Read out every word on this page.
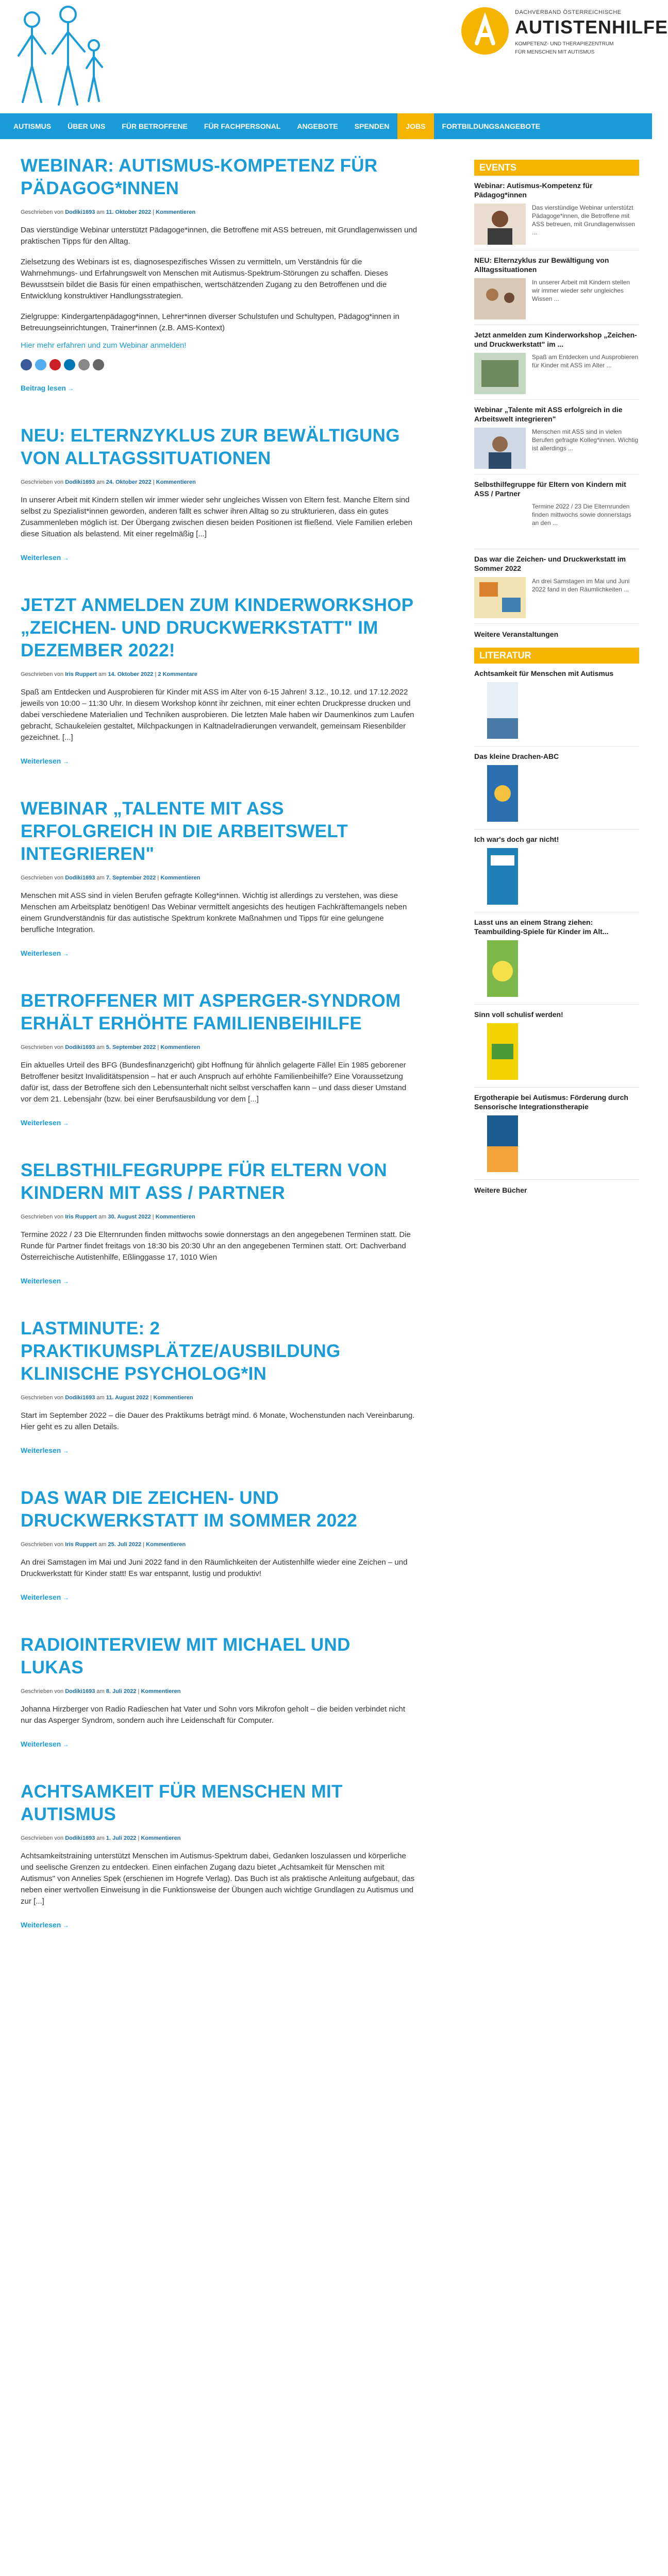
DACHVERBAND ÖSTERREICHISCHE
AUTISTENHILFE
KOMPETENZ- UND THERAPIEZENTRUM
FÜR MENSCHEN MIT AUTISMUS
AUTISMUS	ÜBER UNS	FÜR BETROFFENE	FÜR FACHPERSONAL	ANGEBOTE	SPENDEN	JOBS	FORTBILDUNGSANGEBOTE
WEBINAR: AUTISMUS-KOMPETENZ FÜR PÄDAGOG*INNEN
Geschrieben von Dodiki1693 am 11. Oktober 2022 | Kommentieren

Das vierstündige Webinar unterstützt Pädagoge*innen, die Betroffene mit ASS betreuen, mit Grundlagenwissen und praktischen Tipps für den Alltag.

Zielsetzung des Webinars ist es, diagnosespezifisches Wissen zu vermitteln, um Verständnis für die Wahrnehmungs- und Erfahrungswelt von Menschen mit Autismus-Spektrum-Störungen zu schaffen. Dieses Bewusstsein bildet die Basis für einen empathischen, wertschätzenden Zugang zu den Betroffenen und die Entwicklung konstruktiver Handlungsstrategien.

Zielgruppe: Kindergartenpädagog*innen, Lehrer*innen diverser Schulstufen und Schultypen, Pädagog*innen in Betreuungseinrichtungen, Trainer*innen (z.B. AMS-Kontext)

Hier mehr erfahren und zum Webinar anmelden!
Beitrag lesen →
NEU: ELTERNZYKLUS ZUR BEWÄLTIGUNG VON ALLTAGSSITUATIONEN
Geschrieben von Dodiki1693 am 24. Oktober 2022 | Kommentieren

In unserer Arbeit mit Kindern stellen wir immer wieder sehr ungleiches Wissen von Eltern fest. Manche Eltern sind selbst zu Spezialist*innen geworden, anderen fällt es schwer ihren Alltag so zu strukturieren, dass ein gutes Zusammenleben möglich ist. Der Übergang zwischen diesen beiden Positionen ist fließend. Viele Familien erleben diese Situation als belastend. Mit einer regelmäßig [...]

Weiterlesen →
JETZT ANMELDEN ZUM KINDERWORKSHOP „ZEICHEN- UND DRUCKWERKSTATT" IM DEZEMBER 2022!
Geschrieben von Iris Ruppert am 14. Oktober 2022 | 2 Kommentare

Spaß am Entdecken und Ausprobieren für Kinder mit ASS im Alter von 6-15 Jahren! 3.12., 10.12. und 17.12.2022 jeweils von 10:00 – 11:30 Uhr. In diesem Workshop könnt ihr zeichnen, mit einer echten Druckpresse drucken und dabei verschiedene Materialien und Techniken ausprobieren. Die letzten Male haben wir Daumenkinos zum Laufen gebracht, Schaukeleien gestaltet, Milchpackungen in Kaltnadelradierungen verwandelt, gemeinsam Riesenbilder gezeichnet. [...]

Weiterlesen →
WEBINAR „TALENTE MIT ASS ERFOLGREICH IN DIE ARBEITSWELT INTEGRIEREN"
Geschrieben von Dodiki1693 am 7. September 2022 | Kommentieren

Menschen mit ASS sind in vielen Berufen gefragte Kolleg*innen. Wichtig ist allerdings zu verstehen, was diese Menschen am Arbeitsplatz benötigen! Das Webinar vermittelt angesichts des heutigen Fachkräftemangels neben einem Grundverständnis für das autistische Spektrum konkrete Maßnahmen und Tipps für eine gelungene berufliche Integration.

Weiterlesen →
BETROFFENER MIT ASPERGER-SYNDROM ERHÄLT ERHÖHTE FAMILIENBEIHILFE
Geschrieben von Dodiki1693 am 5. September 2022 | Kommentieren

Ein aktuelles Urteil des BFG (Bundesfinanzgericht) gibt Hoffnung für ähnlich gelagerte Fälle! Ein 1985 geborener Betroffener besitzt Invaliditätspension – hat er auch Anspruch auf erhöhte Familienbeihilfe? Eine Voraussetzung dafür ist, dass der Betroffene sich den Lebensunterhalt nicht selbst verschaffen kann – und dass dieser Umstand vor dem 21. Lebensjahr (bzw. bei einer Berufsausbildung vor dem [...]

Weiterlesen →
SELBSTHILFEGRUPPE FÜR ELTERN VON KINDERN MIT ASS / PARTNER
Geschrieben von Iris Ruppert am 30. August 2022 | Kommentieren

Termine 2022 / 23 Die Elternrunden finden mittwochs sowie donnerstags an den angegebenen Terminen statt. Die Runde für Partner findet freitags von 18:30 bis 20:30 Uhr an den angegebenen Terminen statt. Ort: Dachverband Österreichische Autistenhilfe, Eßlinggasse 17, 1010 Wien

Weiterlesen →
LASTMINUTE: 2 PRAKTIKUMSPLÄTZE/AUSBILDUNG KLINISCHE PSYCHOLOG*IN
Geschrieben von Dodiki1693 am 11. August 2022 | Kommentieren

Start im September 2022 – die Dauer des Praktikums beträgt mind. 6 Monate, Wochenstunden nach Vereinbarung. Hier geht es zu allen Details.

Weiterlesen →
DAS WAR DIE ZEICHEN- UND DRUCKWERKSTATT IM SOMMER 2022
Geschrieben von Iris Ruppert am 25. Juli 2022 | Kommentieren

An drei Samstagen im Mai und Juni 2022 fand in den Räumlichkeiten der Autistenhilfe wieder eine Zeichen – und Druckwerkstatt für Kinder statt! Es war entspannt, lustig und produktiv!

Weiterlesen →
RADIOINTERVIEW MIT MICHAEL UND LUKAS
Geschrieben von Dodiki1693 am 8. Juli 2022 | Kommentieren

Johanna Hirzberger von Radio Radieschen hat Vater und Sohn vors Mikrofon geholt – die beiden verbindet nicht nur das Asperger Syndrom, sondern auch ihre Leidenschaft für Computer.

Weiterlesen →
ACHTSAMKEIT FÜR MENSCHEN MIT AUTISMUS
Geschrieben von Dodiki1693 am 1. Juli 2022 | Kommentieren

Achtsamkeitstraining unterstützt Menschen im Autismus-Spektrum dabei, Gedanken loszulassen und körperliche und seelische Grenzen zu entdecken. Einen einfachen Zugang dazu bietet „Achtsamkeit für Menschen mit Autismus" von Annelies Spek (erschienen im Hogrefe Verlag). Das Buch ist als praktische Anleitung aufgebaut, das neben einer wertvollen Einweisung in die Funktionsweise der Übungen auch wichtige Grundlagen zu Autismus und zur [...]

Weiterlesen →
EVENTS
Webinar: Autismus-Kompetenz für Pädagog*innen
Das vierstündige Webinar unterstützt Pädagoge*innen, die Betroffene mit ASS betreuen, mit Grundlagenwissen ...
NEU: Elternzyklus zur Bewältigung von Alltagssituationen
In unserer Arbeit mit Kindern stellen wir immer wieder sehr ungleiches Wissen ...
Jetzt anmelden zum Kinderworkshop „Zeichen- und Druckwerkstatt" im ...
Spaß am Entdecken und Ausprobieren für Kinder mit ASS im Alter ...
Webinar „Talente mit ASS erfolgreich in die Arbeitswelt integrieren"
Menschen mit ASS sind in vielen Berufen gefragte Kolleg*innen. Wichtig ist allerdings ...
Selbsthilfegruppe für Eltern von Kindern mit ASS / Partner
Termine 2022 / 23 Die Elternrunden finden mittwochs sowie donnerstags an den ...
Das war die Zeichen- und Druckwerkstatt im Sommer 2022
An drei Samstagen im Mai und Juni 2022 fand in den Räumlichkeiten ...
Weitere Veranstaltungen
LITERATUR
Achtsamkeit für Menschen mit Autismus
Das kleine Drachen-ABC
Ich war's doch gar nicht!
Lasst uns an einem Strang ziehen: Teambuilding-Spiele für Kinder im Alt...
Sinn voll schulisf werden!
Ergotherapie bei Autismus: Förderung durch Sensorische Integrationstherapie
Weitere Bücher
